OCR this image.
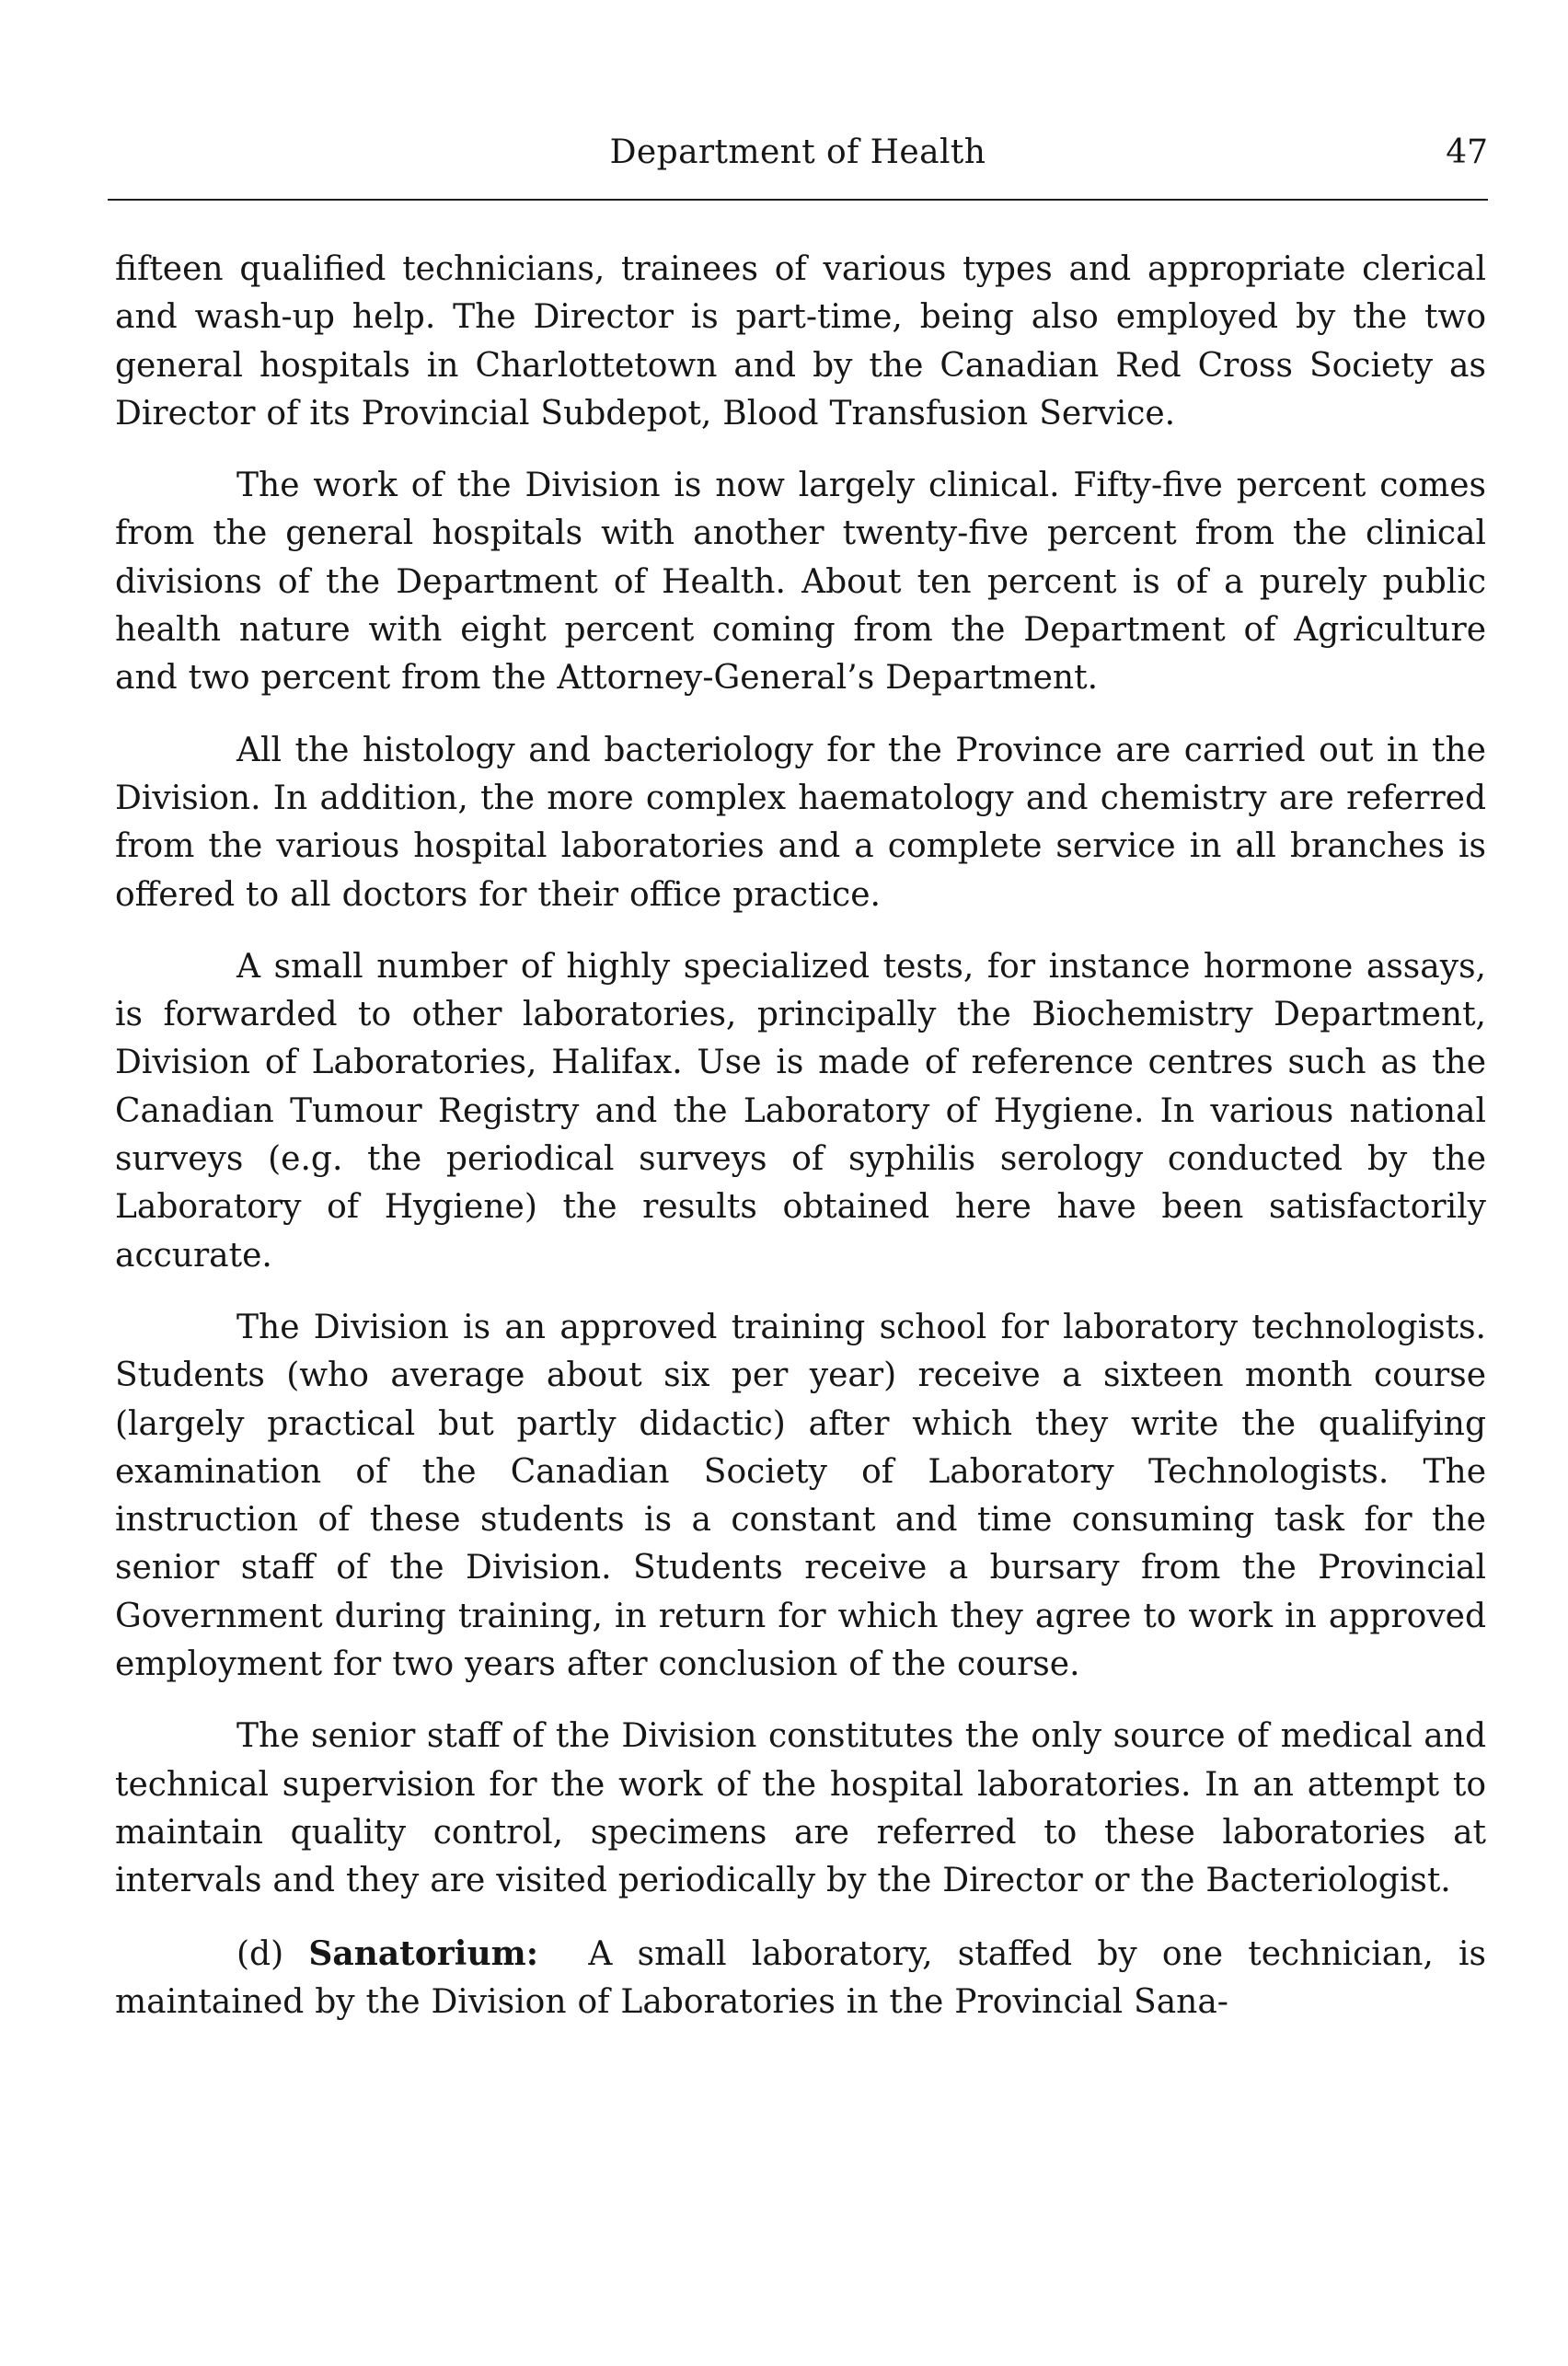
Department of Health	47

fifteen qualified technicians, trainees of various types and appropriate clerical and wash-up help. The Director is part-time, being also employed by the two general hospitals in Charlottetown and by the Canadian Red Cross Society as Director of its Provincial Subdepot, Blood Transfusion Service.

The work of the Division is now largely clinical. Fifty-five percent comes from the general hospitals with another twenty-five percent from the clinical divisions of the Department of Health. About ten percent is of a purely public health nature with eight percent coming from the Department of Agriculture and two percent from the Attorney-General’s Department.

All the histology and bacteriology for the Province are carried out in the Division. In addition, the more complex haematology and chemistry are referred from the various hospital laboratories and a complete service in all branches is offered to all doctors for their office practice.

A small number of highly specialized tests, for instance hormone assays, is forwarded to other laboratories, principally the Biochemistry Department, Division of Laboratories, Halifax. Use is made of reference centres such as the Canadian Tumour Registry and the Laboratory of Hygiene. In various national surveys (e.g. the periodical surveys of syphilis serology conducted by the Laboratory of Hygiene) the results obtained here have been satisfactorily accurate.

The Division is an approved training school for laboratory technologists. Students (who average about six per year) receive a sixteen month course (largely practical but partly didactic) after which they write the qualifying examination of the Canadian Society of Laboratory Technologists. The instruction of these students is a constant and time consuming task for the senior staff of the Division. Students receive a bursary from the Provincial Government during training, in return for which they agree to work in approved employment for two years after conclusion of the course.

The senior staff of the Division constitutes the only source of medical and technical supervision for the work of the hospital laboratories. In an attempt to maintain quality control, specimens are referred to these laboratories at intervals and they are visited periodically by the Director or the Bacteriologist.

(d) Sanatorium: A small laboratory, staffed by one technician, is maintained by the Division of Laboratories in the Provincial Sana-
